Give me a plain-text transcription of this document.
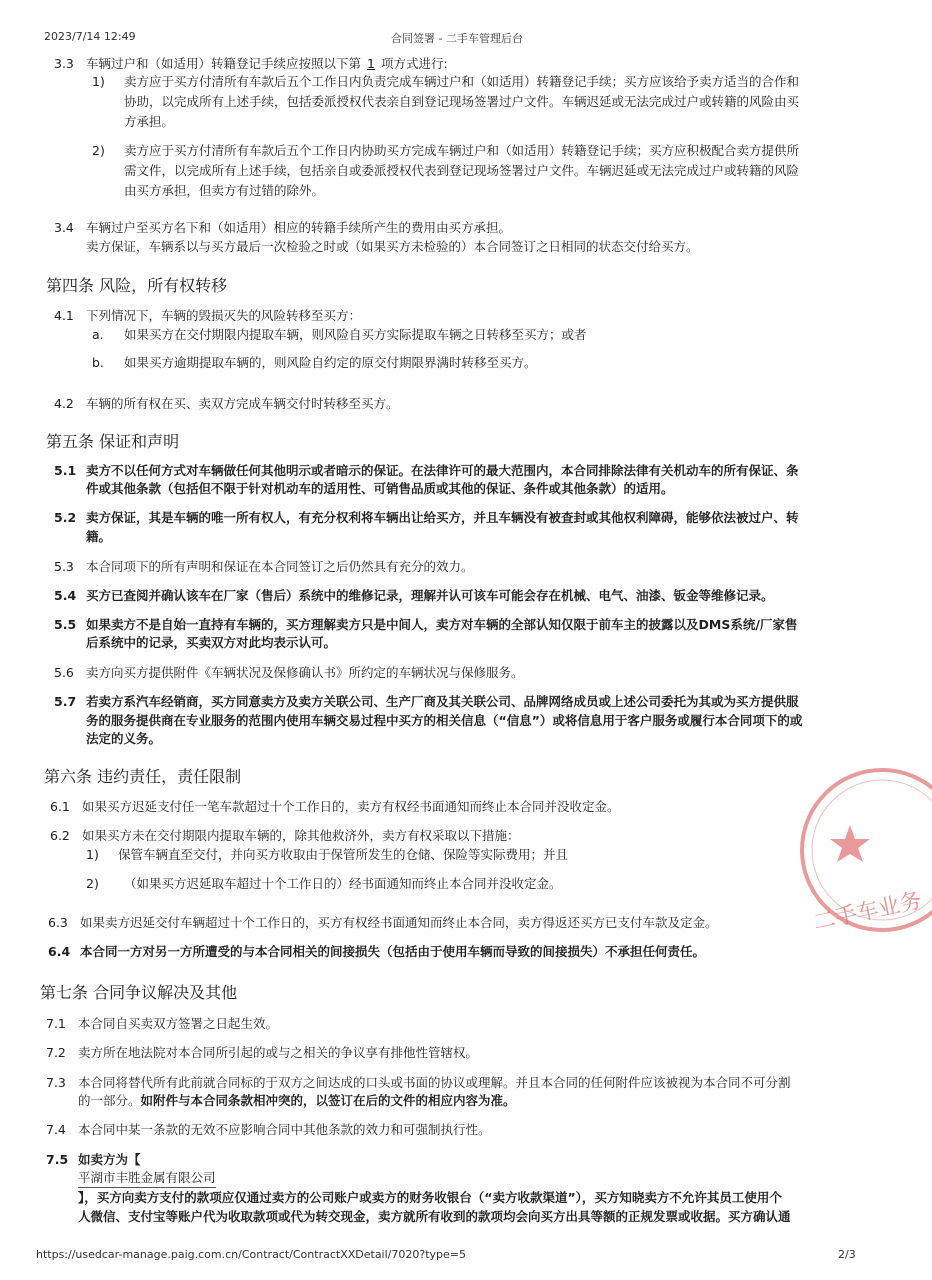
2023/7/14 12:49	合同签署 - 二手车管理后台
3.3 车辆过户和（如适用）转籍登记手续应按照以下第 1 项方式进行:
1) 卖方应于买方付清所有车款后五个工作日内负责完成车辆过户和（如适用）转籍登记手续；买方应该给予卖方适当的合作和
协助，以完成所有上述手续，包括委派授权代表亲自到登记现场签署过户文件。车辆迟延或无法完成过户或转籍的风险由买
方承担。
2) 卖方应于买方付清所有车款后五个工作日内协助买方完成车辆过户和（如适用）转籍登记手续；买方应积极配合卖方提供所
需文件，以完成所有上述手续，包括亲自或委派授权代表到登记现场签署过户文件。车辆迟延或无法完成过户或转籍的风险
由买方承担，但卖方有过错的除外。
3.4 车辆过户至买方名下和（如适用）相应的转籍手续所产生的费用由买方承担。
卖方保证，车辆系以与买方最后一次检验之时或（如果买方未检验的）本合同签订之日相同的状态交付给买方。
第四条 风险，所有权转移
4.1 下列情况下，车辆的毁损灭失的风险转移至买方：
a. 如果买方在交付期限内提取车辆，则风险自买方实际提取车辆之日转移至买方；或者
b. 如果买方逾期提取车辆的，则风险自约定的原交付期限界满时转移至买方。
4.2 车辆的所有权在买、卖双方完成车辆交付时转移至买方。
第五条 保证和声明
5.1 卖方不以任何方式对车辆做任何其他明示或者暗示的保证。在法律许可的最大范围内，本合同排除法律有关机动车的所有保证、条
件或其他条款（包括但不限于针对机动车的适用性、可销售品质或其他的保证、条件或其他条款）的适用。
5.2 卖方保证，其是车辆的唯一所有权人，有充分权利将车辆出让给买方，并且车辆没有被查封或其他权利障碍，能够依法被过户、转
籍。
5.3 本合同项下的所有声明和保证在本合同签订之后仍然具有充分的效力。
5.4 买方已查阅并确认该车在厂家（售后）系统中的维修记录，理解并认可该车可能会存在机械、电气、油漆、钣金等维修记录。
5.5 如果卖方不是自始一直持有车辆的，买方理解卖方只是中间人，卖方对车辆的全部认知仅限于前车主的披露以及DMS系统/厂家售
后系统中的记录，买卖双方对此均表示认可。
5.6 卖方向买方提供附件《车辆状况及保修确认书》所约定的车辆状况与保修服务。
5.7 若卖方系汽车经销商，买方同意卖方及卖方关联公司、生产厂商及其关联公司、品牌网络成员或上述公司委托为其或为买方提供服
务的服务提供商在专业服务的范围内使用车辆交易过程中买方的相关信息（“信息”）或将信息用于客户服务或履行本合同项下的或
法定的义务。
第六条 违约责任，责任限制
6.1 如果买方迟延支付任一笔车款超过十个工作日的，卖方有权经书面通知而终止本合同并没收定金。
6.2 如果买方未在交付期限内提取车辆的，除其他救济外，卖方有权采取以下措施：
1) 保管车辆直至交付，并向买方收取由于保管所发生的仓储、保险等实际费用；并且
2) （如果买方迟延取车超过十个工作日的）经书面通知而终止本合同并没收定金。
6.3 如果卖方迟延交付车辆超过十个工作日的，买方有权经书面通知而终止本合同，卖方得返还买方已支付车款及定金。
6.4 本合同一方对另一方所遭受的与本合同相关的间接损失（包括由于使用车辆而导致的间接损失）不承担任何责任。
第七条 合同争议解决及其他
7.1 本合同自买卖双方签署之日起生效。
7.2 卖方所在地法院对本合同所引起的或与之相关的争议享有排他性管辖权。
7.3 本合同将替代所有此前就合同标的于双方之间达成的口头或书面的协议或理解。并且本合同的任何附件应该被视为本合同不可分割
的一部分。如附件与本合同条款相冲突的，以签订在后的文件的相应内容为准。
7.4 本合同中某一条款的无效不应影响合同中其他条款的效力和可强制执行性。
7.5 如卖方为【
平湖市丰胜金属有限公司
】，买方向卖方支付的款项应仅通过卖方的公司账户或卖方的财务收银台（“卖方收款渠道”），买方知晓卖方不允许其员工使用个
人微信、支付宝等账户代为收取款项或代为转交现金，卖方就所有收到的款项均会向买方出具等额的正规发票或收据。买方确认通
二手车业务
https://usedcar-manage.paig.com.cn/Contract/ContractXXDetail/7020?type=5	2/3
